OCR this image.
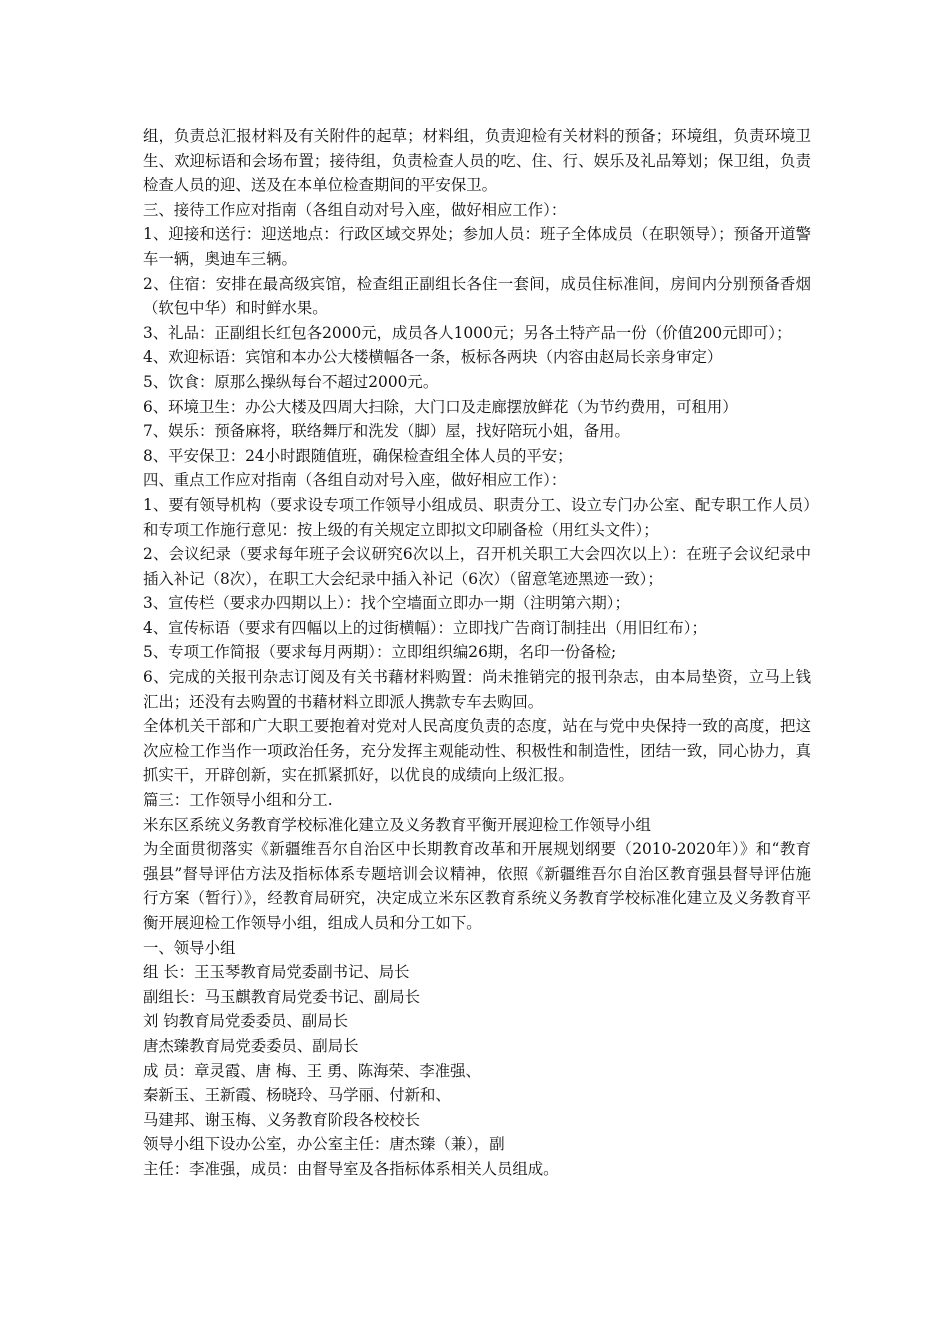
组，负责总汇报材料及有关附件的起草；材料组，负责迎检有关材料的预备；环境组，负责环境卫生、欢迎标语和会场布置；接待组，负责检查人员的吃、住、行、娱乐及礼品筹划；保卫组，负责检查人员的迎、送及在本单位检查期间的平安保卫。

三、接待工作应对指南（各组自动对号入座，做好相应工作）：

1、迎接和送行：迎送地点：行政区域交界处；参加人员：班子全体成员（在职领导）；预备开道警车一辆，奥迪车三辆。

2、住宿：安排在最高级宾馆，检查组正副组长各住一套间，成员住标准间，房间内分别预备香烟（软包中华）和时鲜水果。

3、礼品：正副组长红包各2000元，成员各人1000元；另各土特产品一份（价值200元即可）；

4、欢迎标语：宾馆和本办公大楼横幅各一条，板标各两块（内容由赵局长亲身审定）

5、饮食：原那么操纵每台不超过2000元。

6、环境卫生：办公大楼及四周大扫除，大门口及走廊摆放鲜花（为节约费用，可租用）

7、娱乐：预备麻将，联络舞厅和洗发（脚）屋，找好陪玩小姐，备用。

8、平安保卫：24小时跟随值班，确保检查组全体人员的平安；

四、重点工作应对指南（各组自动对号入座，做好相应工作）：

1、要有领导机构（要求设专项工作领导小组成员、职责分工、设立专门办公室、配专职工作人员）和专项工作施行意见：按上级的有关规定立即拟文印刷备检（用红头文件）；

2、会议纪录（要求每年班子会议研究6次以上，召开机关职工大会四次以上）：在班子会议纪录中插入补记（8次），在职工大会纪录中插入补记（6次）（留意笔迹黑迹一致）；

3、宣传栏（要求办四期以上）：找个空墙面立即办一期（注明第六期）；

4、宣传标语（要求有四幅以上的过街横幅）：立即找广告商订制挂出（用旧红布）；

5、专项工作简报（要求每月两期）：立即组织编26期，名印一份备检;

6、完成的关报刊杂志订阅及有关书藉材料购置：尚未推销完的报刊杂志，由本局垫资，立马上钱汇出；还没有去购置的书藉材料立即派人携款专车去购回。

全体机关干部和广大职工要抱着对党对人民高度负责的态度，站在与党中央保持一致的高度，把这次应检工作当作一项政治任务，充分发挥主观能动性、积极性和制造性，团结一致，同心协力，真抓实干，开辟创新，实在抓紧抓好，以优良的成绩向上级汇报。

篇三：工作领导小组和分工.

米东区系统义务教育学校标准化建立及义务教育平衡开展迎检工作领导小组

为全面贯彻落实《新疆维吾尔自治区中长期教育改革和开展规划纲要（2010-2020年）》和“教育强县”督导评估方法及指标体系专题培训会议精神，依照《新疆维吾尔自治区教育强县督导评估施行方案（暂行）》，经教育局研究，决定成立米东区教育系统义务教育学校标准化建立及义务教育平衡开展迎检工作领导小组，组成人员和分工如下。

一、领导小组

组 长：王玉琴教育局党委副书记、局长

副组长：马玉麒教育局党委书记、副局长

刘 钧教育局党委委员、副局长

唐杰臻教育局党委委员、副局长

成 员：章灵霞、唐 梅、王 勇、陈海荣、李准强、

秦新玉、王新霞、杨晓玲、马学丽、付新和、

马建邦、谢玉梅、义务教育阶段各校校长

领导小组下设办公室，办公室主任：唐杰臻（兼），副

主任：李准强，成员：由督导室及各指标体系相关人员组成。
